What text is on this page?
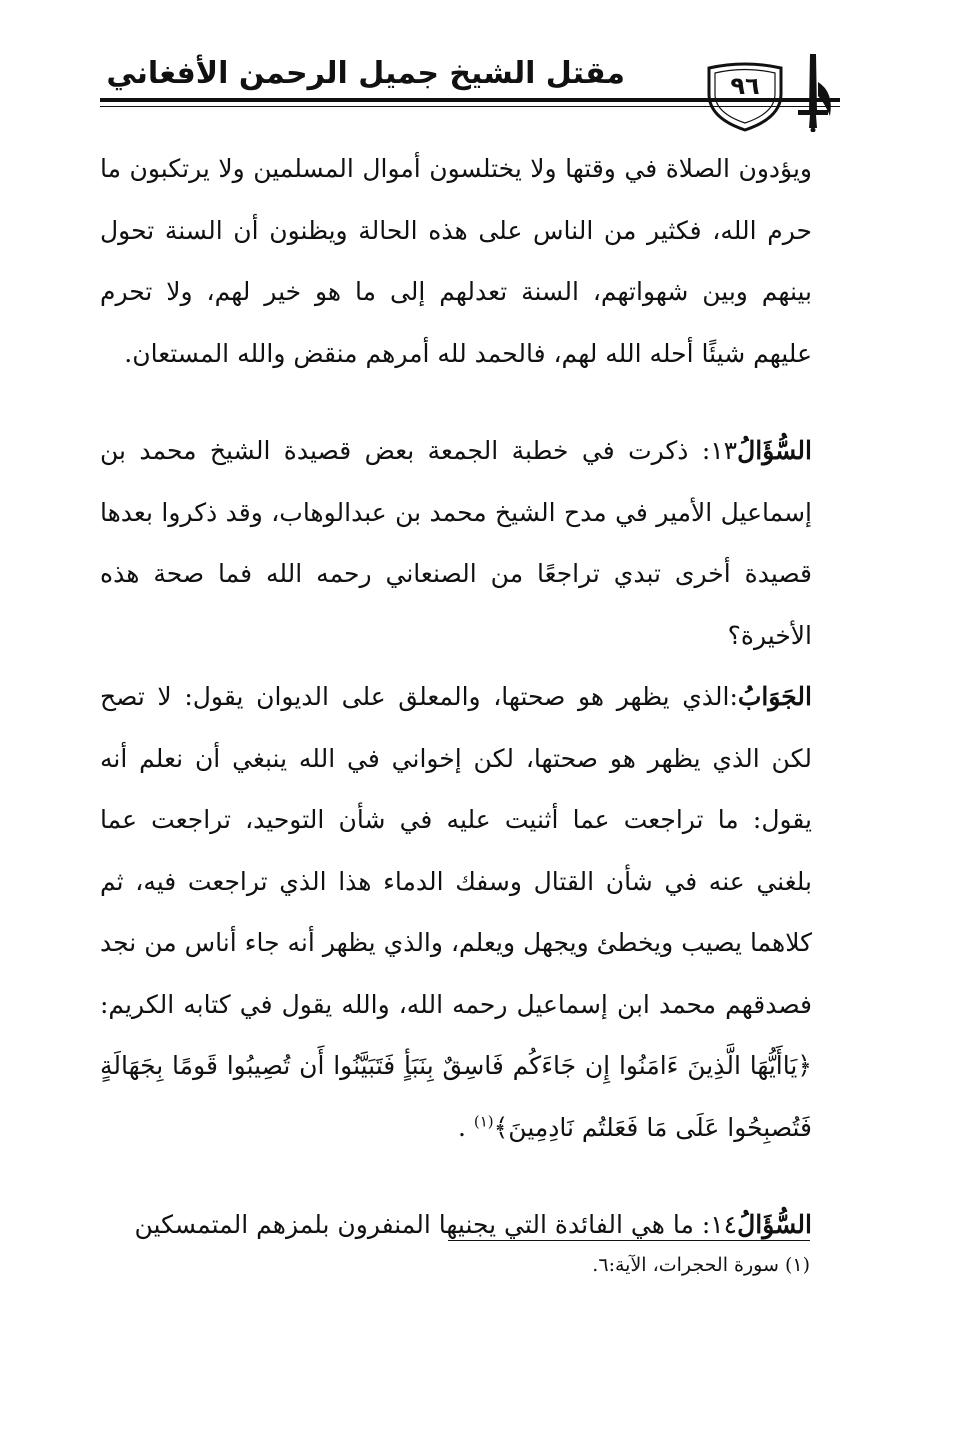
مقتل الشيخ جميل الرحمن الأفغاني	٩٦

ويؤدون الصلاة في وقتها ولا يختلسون أموال المسلمين ولا يرتكبون ما حرم الله، فكثير من الناس على هذه الحالة ويظنون أن السنة تحول بينهم وبين شهواتهم، السنة تعدلهم إلى ما هو خير لهم، ولا تحرم عليهم شيئًا أحله الله لهم، فالحمد لله أمرهم منقض والله المستعان.

السُّؤَالُ١٣: ذكرت في خطبة الجمعة بعض قصيدة الشيخ محمد بن إسماعيل الأمير في مدح الشيخ محمد بن عبدالوهاب، وقد ذكروا بعدها قصيدة أخرى تبدي تراجعًا من الصنعاني رحمه الله فما صحة هذه الأخيرة؟

الجَوَابُ:الذي يظهر هو صحتها، والمعلق على الديوان يقول: لا تصح لكن الذي يظهر هو صحتها، لكن إخواني في الله ينبغي أن نعلم أنه يقول: ما تراجعت عما أثنيت عليه في شأن التوحيد، تراجعت عما بلغني عنه في شأن القتال وسفك الدماء هذا الذي تراجعت فيه، ثم كلاهما يصيب ويخطئ ويجهل ويعلم، والذي يظهر أنه جاء أناس من نجد فصدقهم محمد ابن إسماعيل رحمه الله، والله يقول في كتابه الكريم: ﴿يَاأَيُّهَا الَّذِينَ ءَامَنُوا إِن جَاءَكُم فَاسِقٌ بِنَبَأٍ فَتَبَيَّنُوا أَن تُصِيبُوا قَومًا بِجَهَالَةٍ فَتُصبِحُوا عَلَى مَا فَعَلتُم نَادِمِينَ﴾$^{(١)}$ .

السُّؤَالُ١٤: ما هي الفائدة التي يجنيها المنفرون بلمزهم المتمسكين

(١) سورة الحجرات، الآية:٦.
